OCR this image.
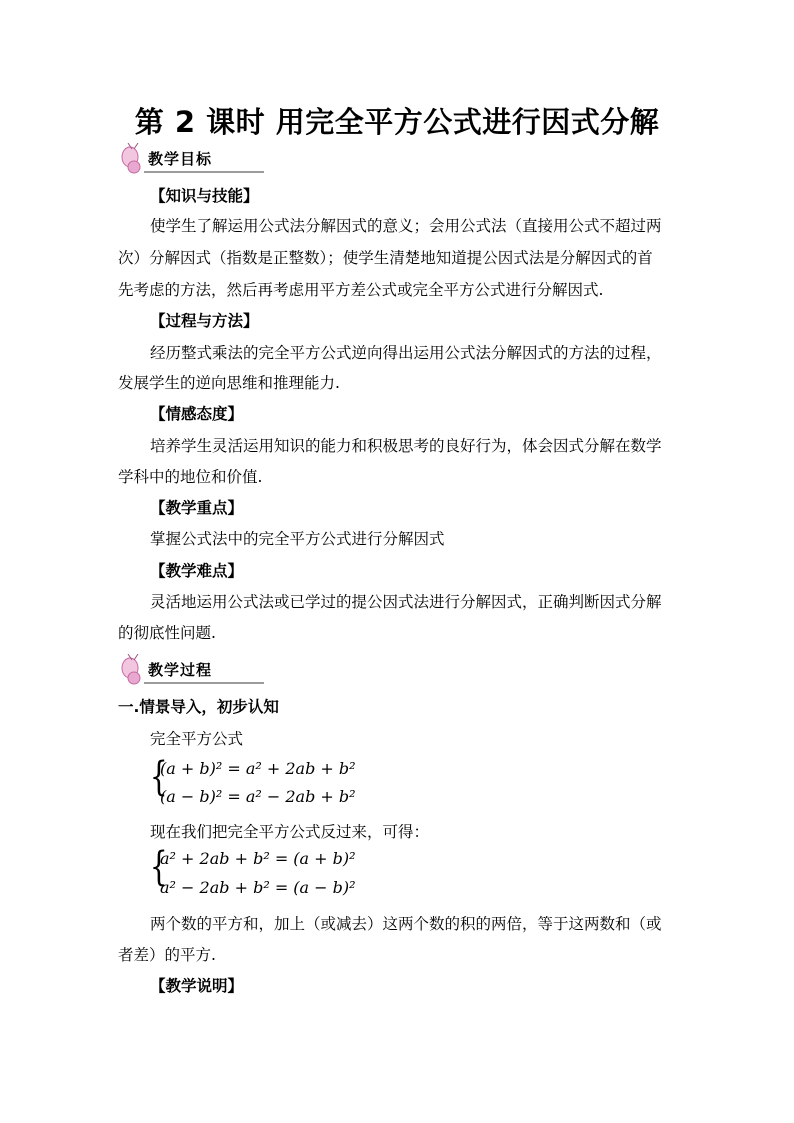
第 2 课时 用完全平方公式进行因式分解
教学目标
【知识与技能】
使学生了解运用公式法分解因式的意义；会用公式法（直接用公式不超过两
次）分解因式（指数是正整数）；使学生清楚地知道提公因式法是分解因式的首
先考虑的方法，然后再考虑用平方差公式或完全平方公式进行分解因式.
【过程与方法】
经历整式乘法的完全平方公式逆向得出运用公式法分解因式的方法的过程，
发展学生的逆向思维和推理能力.
【情感态度】
培养学生灵活运用知识的能力和积极思考的良好行为，体会因式分解在数学
学科中的地位和价值.
【教学重点】
掌握公式法中的完全平方公式进行分解因式
【教学难点】
灵活地运用公式法或已学过的提公因式法进行分解因式，正确判断因式分解
的彻底性问题.
教学过程
一.情景导入，初步认知
完全平方公式
{
(a + b)² = a² + 2ab + b²
(a − b)² = a² − 2ab + b²
现在我们把完全平方公式反过来，可得：
{
a² + 2ab + b² = (a + b)²
a² − 2ab + b² = (a − b)²
两个数的平方和，加上（或减去）这两个数的积的两倍，等于这两数和（或
者差）的平方.
【教学说明】
